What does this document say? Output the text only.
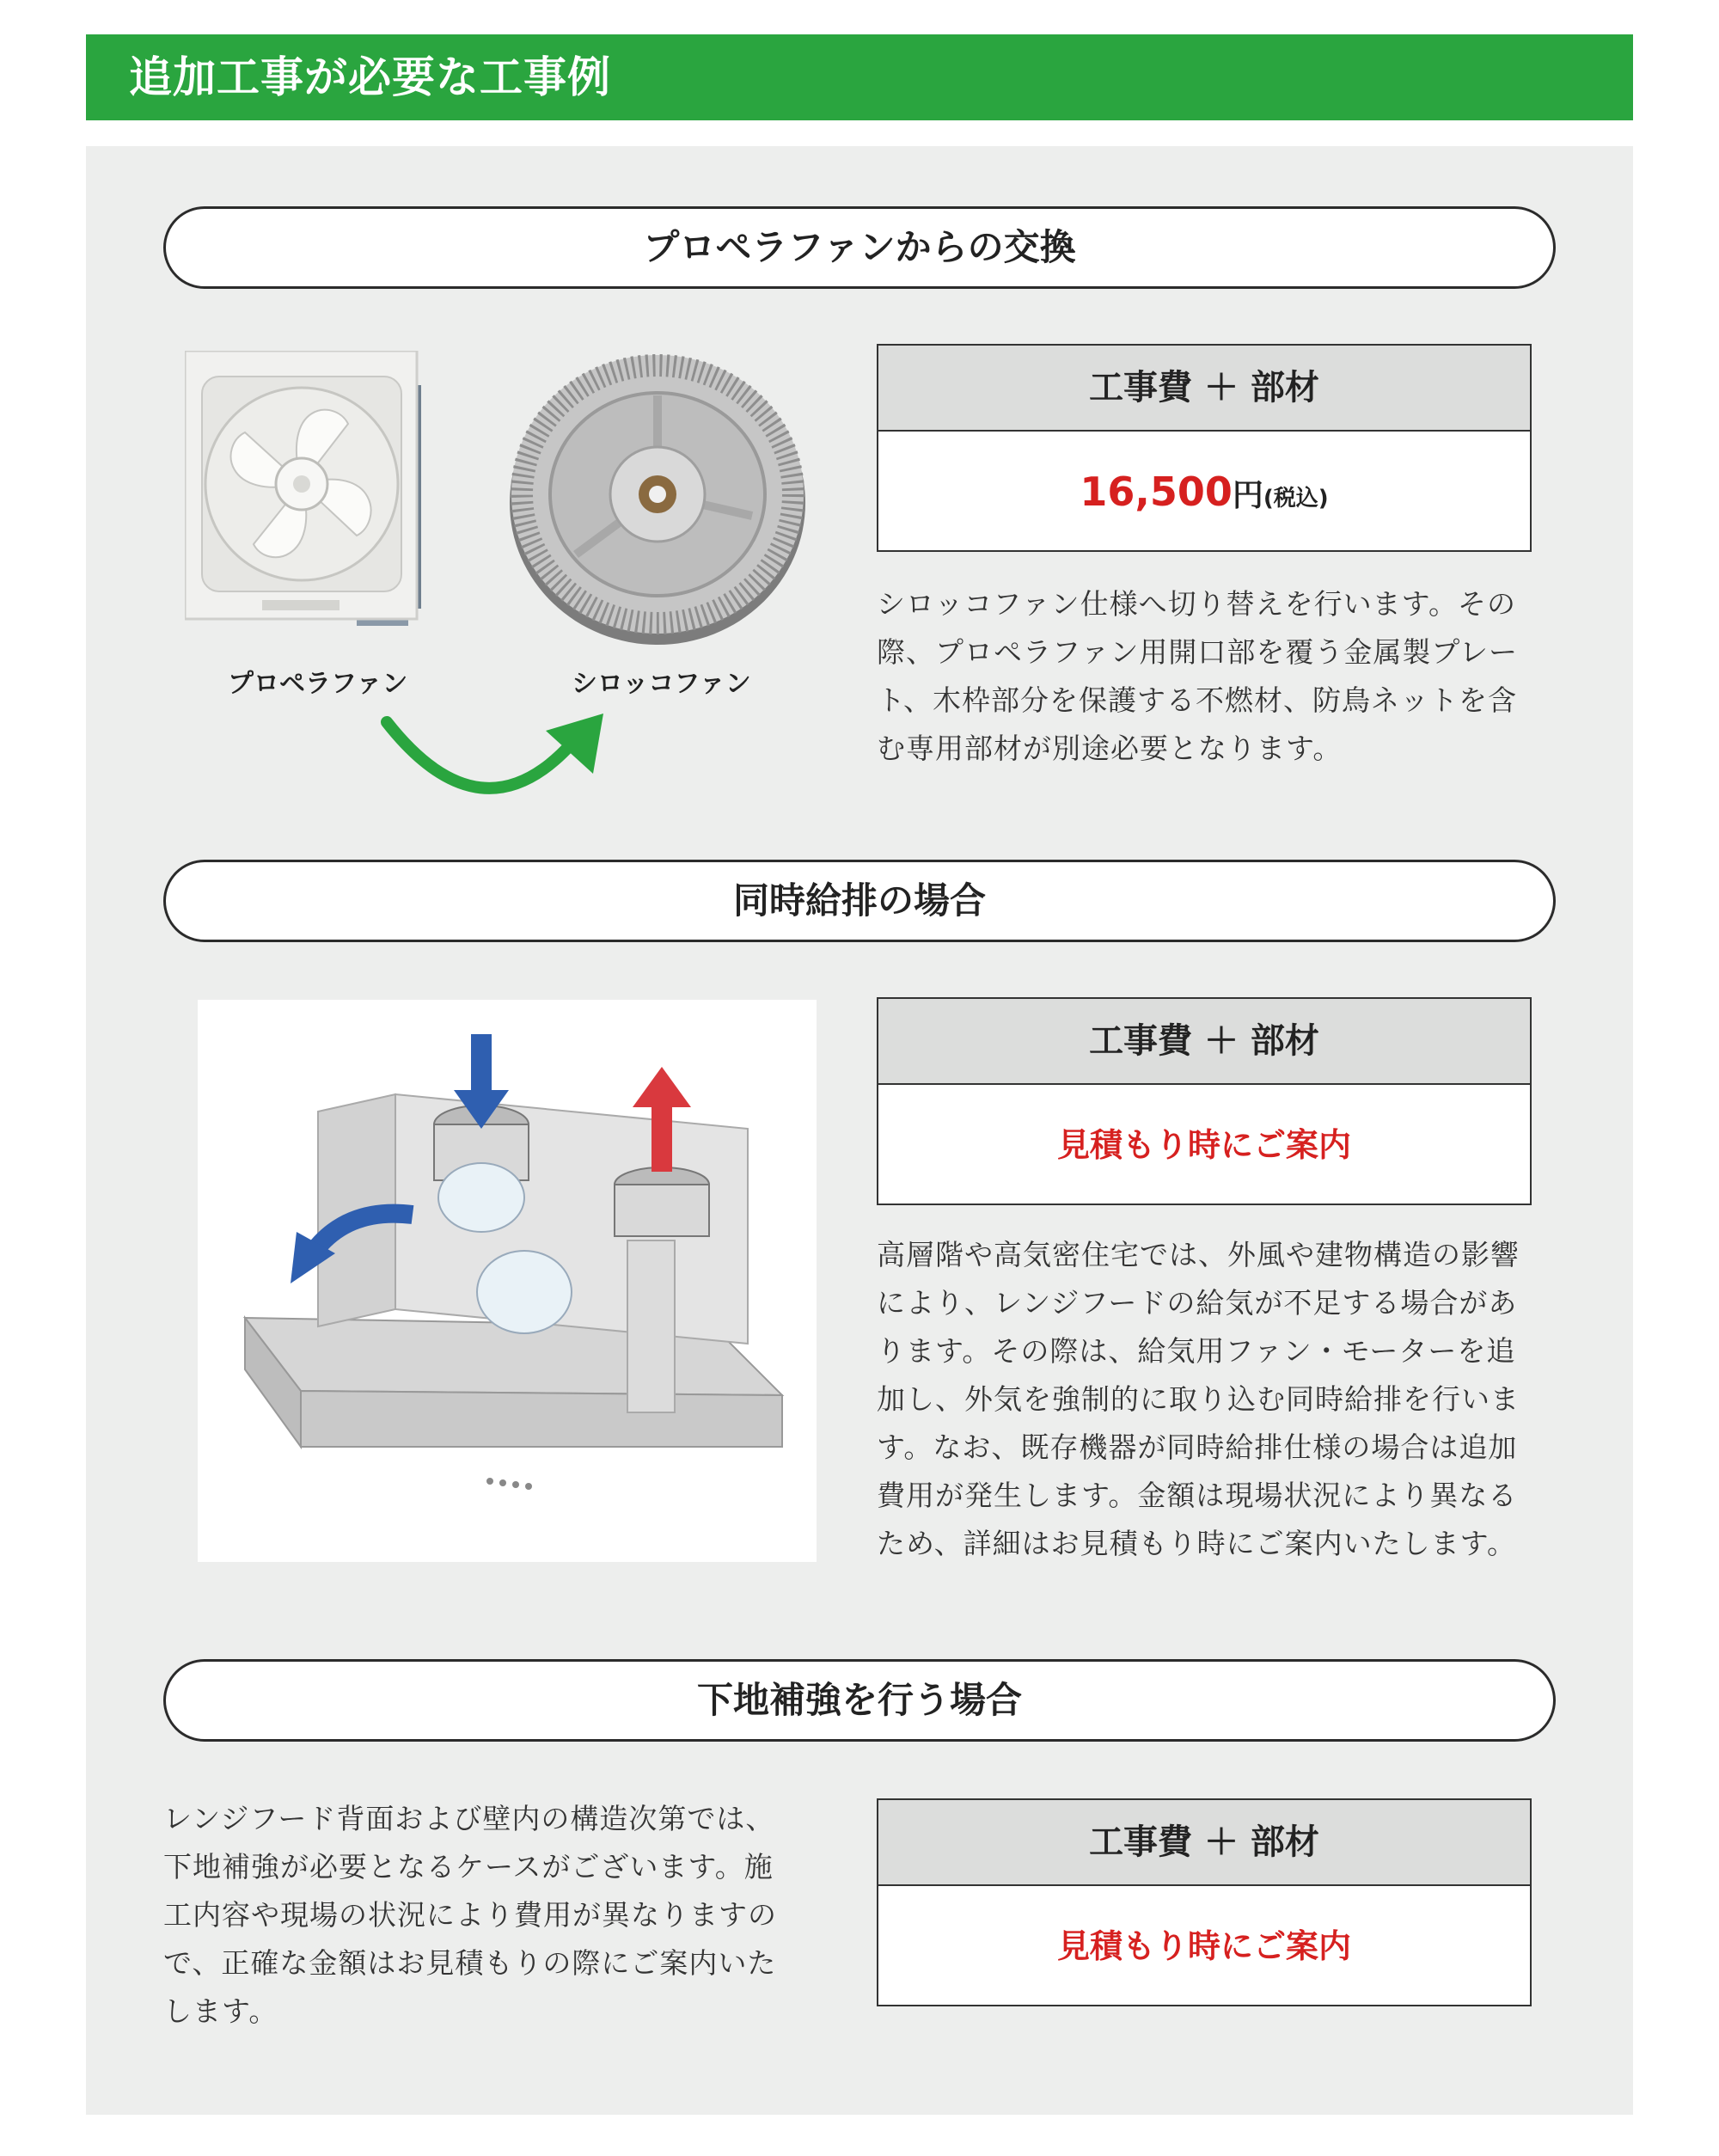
追加工事が必要な工事例
プロペラファンからの交換
プロペラファン	シロッコファン
工事費 ＋ 部材
16,500円(税込)
シロッコファン仕様へ切り替えを行います。その際、プロペラファン用開口部を覆う金属製プレート、木枠部分を保護する不燃材、防鳥ネットを含む専用部材が別途必要となります。
同時給排の場合
工事費 ＋ 部材
見積もり時にご案内
高層階や高気密住宅では、外風や建物構造の影響により、レンジフードの給気が不足する場合があります。その際は、給気用ファン・モーターを追加し、外気を強制的に取り込む同時給排を行います。なお、既存機器が同時給排仕様の場合は追加費用が発生します。金額は現場状況により異なるため、詳細はお見積もり時にご案内いたします。
下地補強を行う場合
レンジフード背面および壁内の構造次第では、下地補強が必要となるケースがございます。施工内容や現場の状況により費用が異なりますので、正確な金額はお見積もりの際にご案内いたします。
工事費 ＋ 部材
見積もり時にご案内
